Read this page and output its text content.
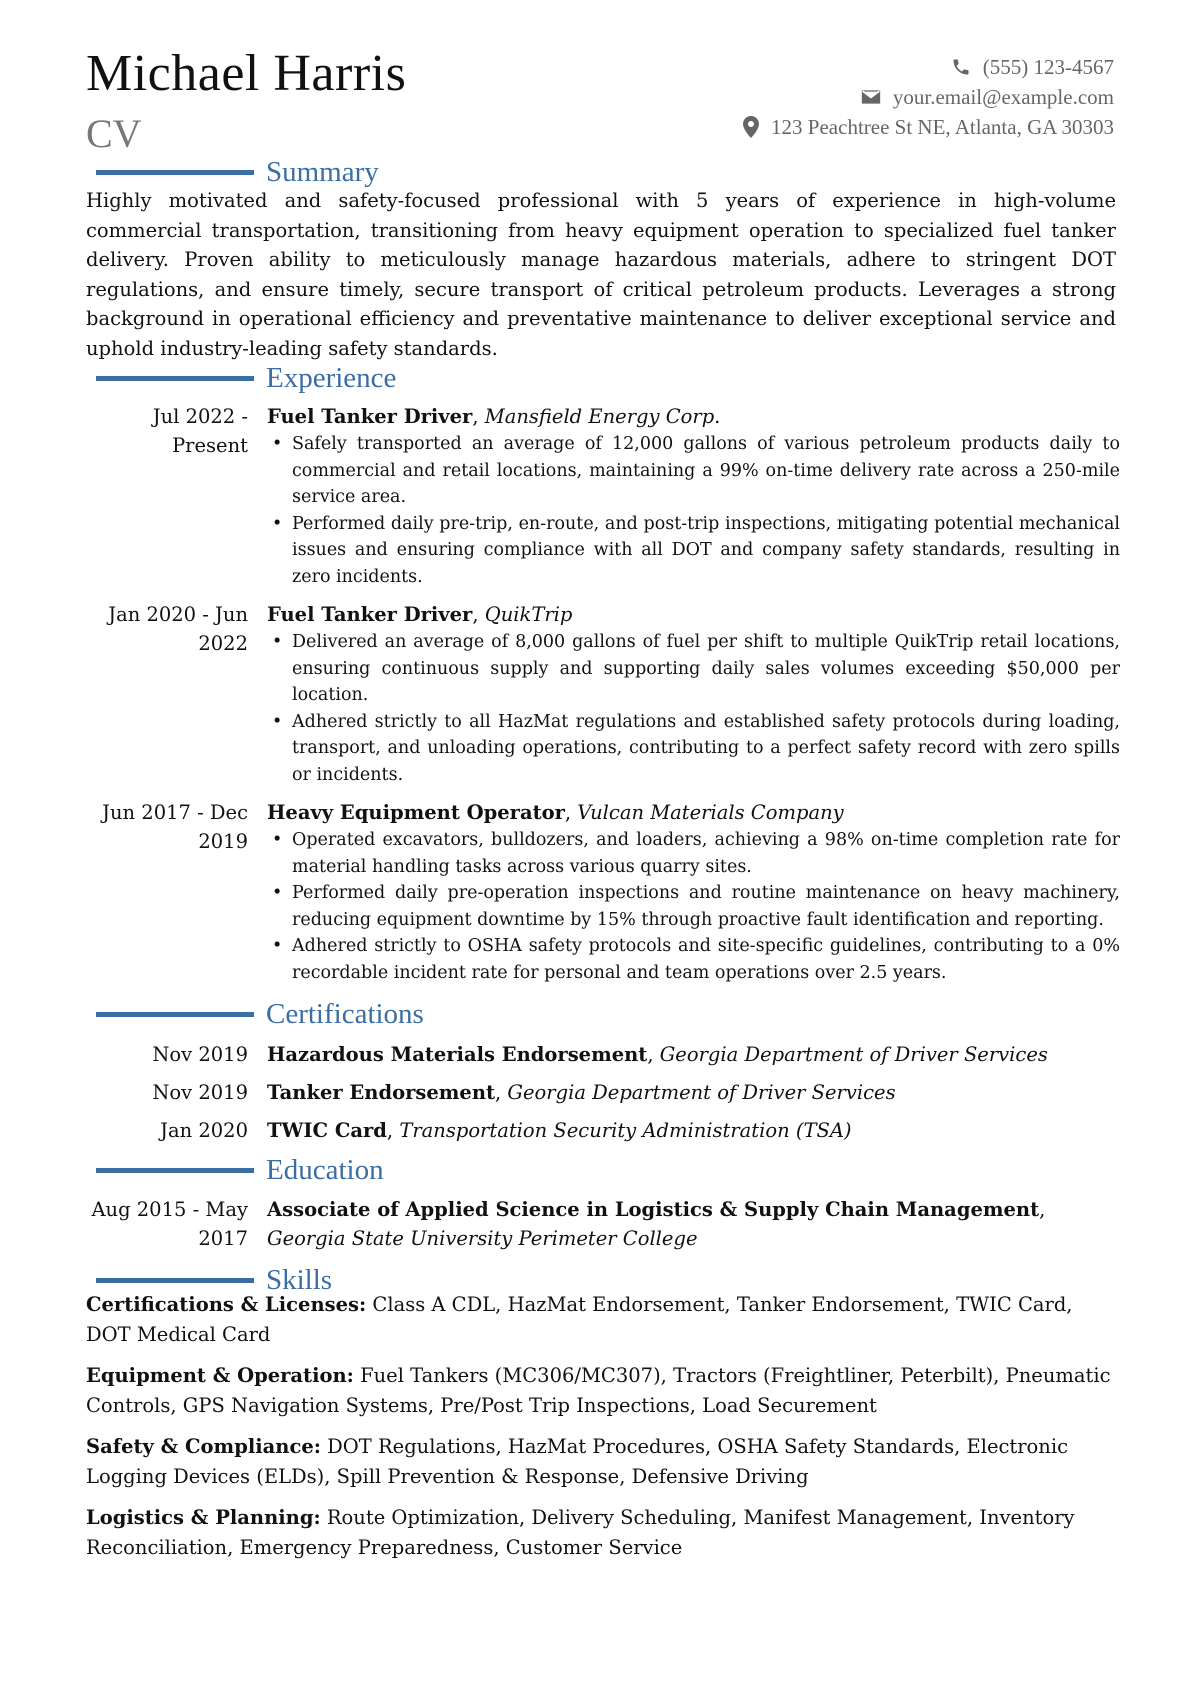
Michael Harris
CV
(555) 123-4567
your.email@example.com
123 Peachtree St NE, Atlanta, GA 30303
Summary
Highly motivated and safety-focused professional with 5 years of experience in high-volume commercial transportation, transitioning from heavy equipment operation to specialized fuel tanker delivery. Proven ability to meticulously manage hazardous materials, adhere to stringent DOT regulations, and ensure timely, secure transport of critical petroleum products. Leverages a strong background in operational efficiency and preventative maintenance to deliver exceptional service and uphold industry-leading safety standards.
Experience
Jul 2022 - Present
Fuel Tanker Driver, Mansfield Energy Corp.
• Safely transported an average of 12,000 gallons of various petroleum products daily to commercial and retail locations, maintaining a 99% on-time delivery rate across a 250-mile service area.
• Performed daily pre-trip, en-route, and post-trip inspections, mitigating potential mechanical issues and ensuring compliance with all DOT and company safety standards, resulting in zero incidents.
Jan 2020 - Jun 2022
Fuel Tanker Driver, QuikTrip
• Delivered an average of 8,000 gallons of fuel per shift to multiple QuikTrip retail locations, ensuring continuous supply and supporting daily sales volumes exceeding $50,000 per location.
• Adhered strictly to all HazMat regulations and established safety protocols during loading, transport, and unloading operations, contributing to a perfect safety record with zero spills or incidents.
Jun 2017 - Dec 2019
Heavy Equipment Operator, Vulcan Materials Company
• Operated excavators, bulldozers, and loaders, achieving a 98% on-time completion rate for material handling tasks across various quarry sites.
• Performed daily pre-operation inspections and routine maintenance on heavy machinery, reducing equipment downtime by 15% through proactive fault identification and reporting.
• Adhered strictly to OSHA safety protocols and site-specific guidelines, contributing to a 0% recordable incident rate for personal and team operations over 2.5 years.
Certifications
Nov 2019 Hazardous Materials Endorsement, Georgia Department of Driver Services
Nov 2019 Tanker Endorsement, Georgia Department of Driver Services
Jan 2020 TWIC Card, Transportation Security Administration (TSA)
Education
Aug 2015 - May 2017
Associate of Applied Science in Logistics & Supply Chain Management,
Georgia State University Perimeter College
Skills
Certifications & Licenses: Class A CDL, HazMat Endorsement, Tanker Endorsement, TWIC Card, DOT Medical Card
Equipment & Operation: Fuel Tankers (MC306/MC307), Tractors (Freightliner, Peterbilt), Pneumatic Controls, GPS Navigation Systems, Pre/Post Trip Inspections, Load Securement
Safety & Compliance: DOT Regulations, HazMat Procedures, OSHA Safety Standards, Electronic Logging Devices (ELDs), Spill Prevention & Response, Defensive Driving
Logistics & Planning: Route Optimization, Delivery Scheduling, Manifest Management, Inventory Reconciliation, Emergency Preparedness, Customer Service
